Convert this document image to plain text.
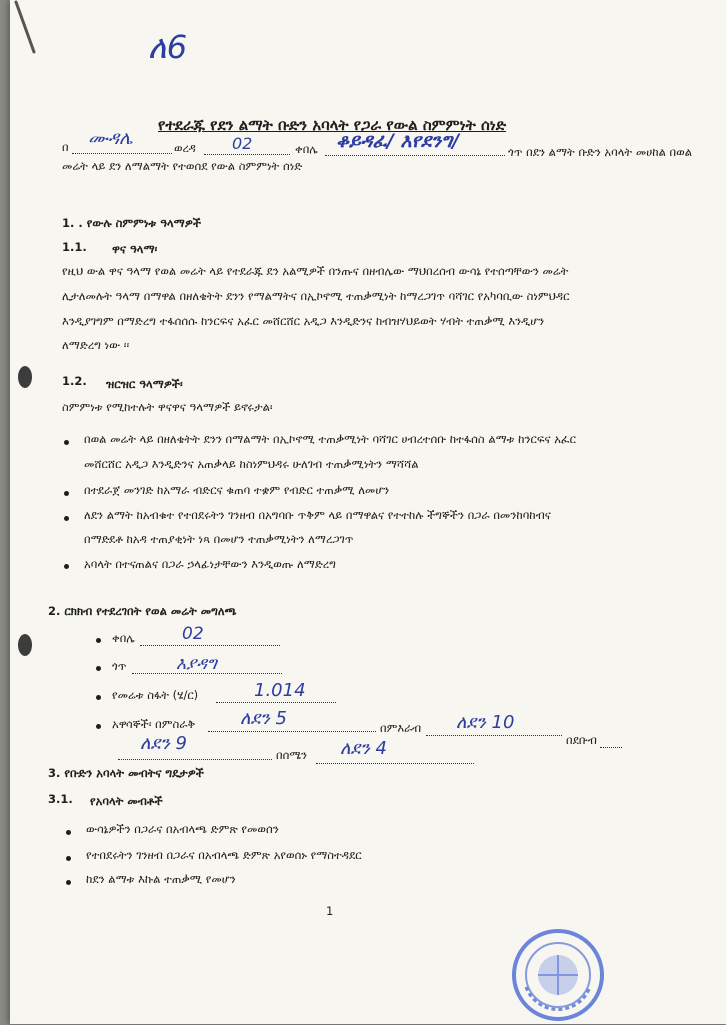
ለ6
የተደራጁ የደን ልማት ቡድን አባላት የጋራ የውል ስምምነት ሰነድ
በ ሙዳሌ	ወረዳ 02	ቀበሌ ቆይዳፈ/ እየደንግ/	ጎጥ በደን ልማት ቡድን አባላት መሀከል በወል
መሬት ላይ ደን ለማልማት የተወሰደ የውል ስምምነት ሰነድ
1. . የውሉ ስምምነቱ ዓላማዎች
1.1. ዋና ዓላማ፡
የዚህ ውል ዋና ዓላማ የወል መሬት ላይ የተደራጁ ደን አልሚዎች በንጡና በዘብሌው ማህበረሰብ ውሳኔ የተሰጣቸውን መሬት
ሊታለመሉት ዓላማ በማዋል በዘለቄትት ደንን የማልማትና በኢኮኖሚ ተጠቃሚነት ከማረጋገጥ ባሻገር የአካባቢው ስነምህዳር
እንዲያገግም በማድረግ ተፋሰሰሱ ከንርፍና አፈር መሸርሸር አዲጋ እንዲድንና ከብዝሃህይወት ሃብት ተጠቃሚ እንዲሆን
ለማድረግ ነው ፡፡
1.2. ዝርዝር ዓላማዎች፡
ስምምነቱ የሚከተሉት ዋናዋና ዓላማዎች ይኖሩታል፡
በወል መሬት ላይ በዘለቄትት ደንን በማልማት በኢኮኖሚ ተጠቃሚነት ባሻገር ሀብረተሰቡ ከተፋሰስ ልማቱ ከንርፍና አፈር
መሸርሸር አዲጋ እንዲድንና አጠቃላይ ከስነምህዳሩ ሁለገብ ተጠቃሚነትን ማሻሻል
በተደራጀ መንገድ ከአማራ ብድርና ቁጠባ ተቋም የብድር ተጠቃሚ ለመሆን
ለደን ልማት ከአብቁተ የተበደሩትን ገንዘብ በአግባቡ ጥቅም ላይ በማዋልና የተተከሉ ችግኞችን በጋራ በመንከባከብና
በማድደቶ ከአዳ ተጠያቂነት ነጻ በመሆን ተጠቃሚነትን ለማረጋገጥ
አባላት በተናጠልና በጋራ ኃላፊነታቸውን እንዲወጡ ለማድረግ
2. ርክክብ የተደረገበት የወል መሬት መግለጫ
ቀበሌ	02
ጎጥ	እያዳግ
የመሬቱ ስፋት (ሄ/ር)	1.014
አዋሳኞች፡ በምስራቅ ለደን 5	በምእራብ ለደን 10
በደቡብ
ለደን 9
በሰሜን ለደን 4
3. የቡድን አባላት መብትና ግዴታዎች
3.1. የአባላት መብቶች
ውሳኔዎችን በጋራና በአብላጫ ድምጽ የመወሰን
የተበደሩትን ገንዘብ በጋራና በአብላጫ ድምጽ አየወሰኑ የማስተዳደር
ከደን ልማቱ እኩል ተጠቃሚ የመሆን
1
